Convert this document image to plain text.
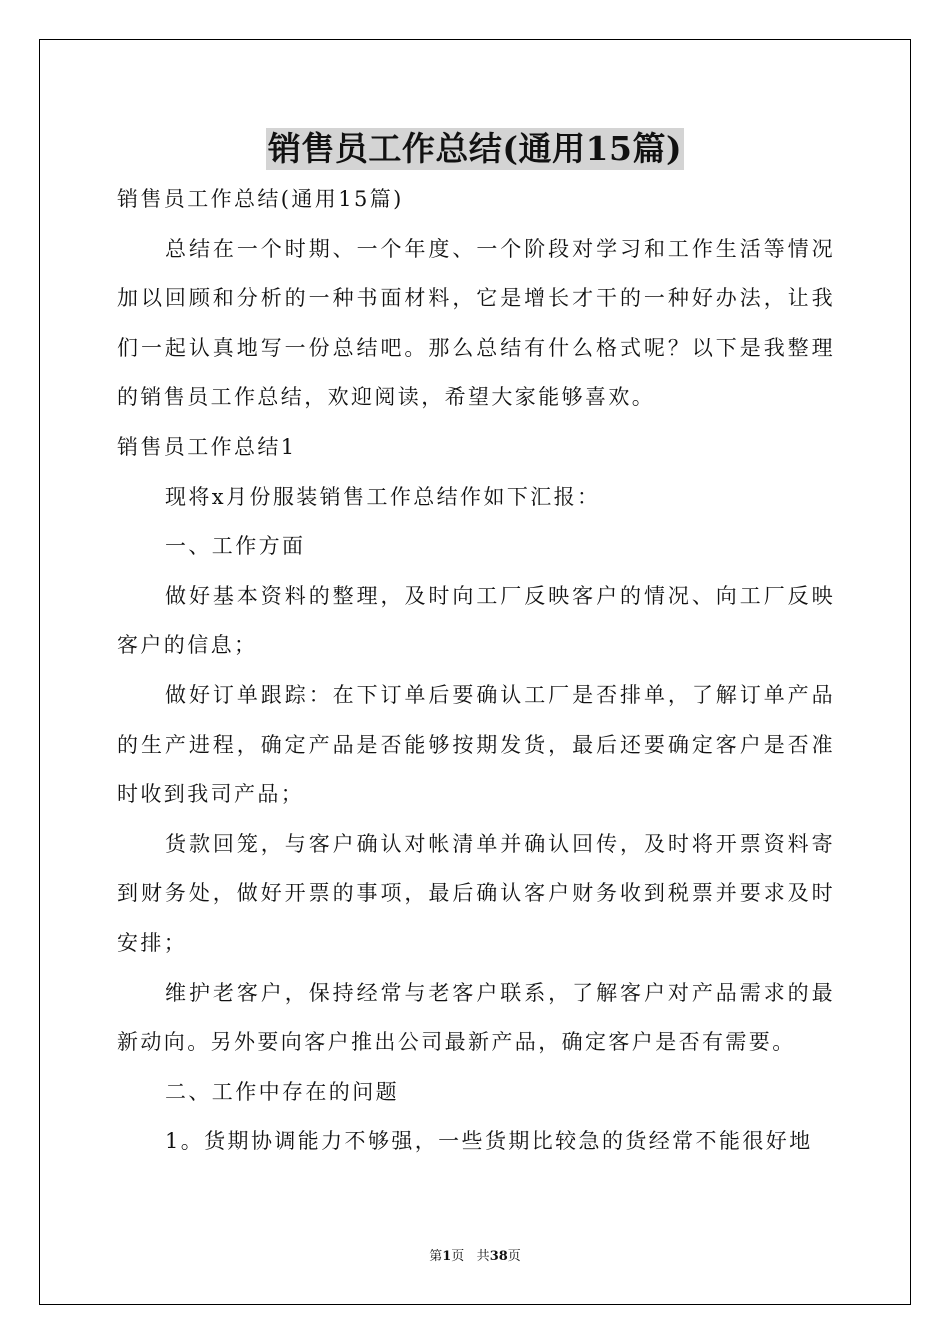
销售员工作总结(通用15篇)

销售员工作总结(通用15篇)

总结在一个时期、一个年度、一个阶段对学习和工作生活等情况加以回顾和分析的一种书面材料，它是增长才干的一种好办法，让我们一起认真地写一份总结吧。那么总结有什么格式呢？以下是我整理的销售员工作总结，欢迎阅读，希望大家能够喜欢。

销售员工作总结1

现将x月份服装销售工作总结作如下汇报：

一、工作方面

做好基本资料的整理，及时向工厂反映客户的情况、向工厂反映客户的信息；

做好订单跟踪：在下订单后要确认工厂是否排单，了解订单产品的生产进程，确定产品是否能够按期发货，最后还要确定客户是否准时收到我司产品；

货款回笼，与客户确认对帐清单并确认回传，及时将开票资料寄到财务处，做好开票的事项，最后确认客户财务收到税票并要求及时安排；

维护老客户，保持经常与老客户联系，了解客户对产品需求的最新动向。另外要向客户推出公司最新产品，确定客户是否有需要。

二、工作中存在的问题

1。货期协调能力不够强，一些货期比较急的货经常不能很好地

第1页 共38页
